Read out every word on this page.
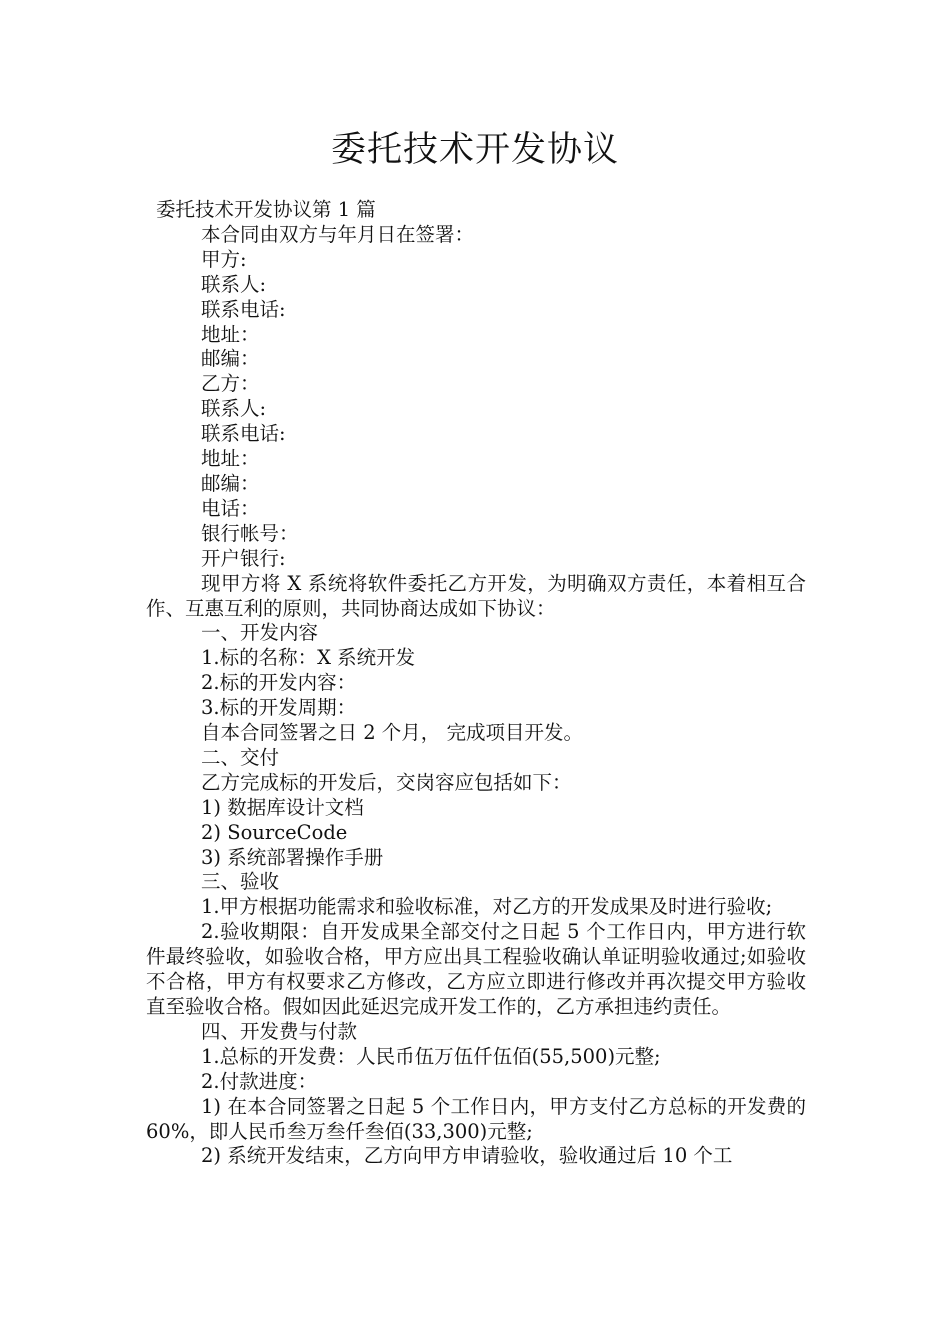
委托技术开发协议
委托技术开发协议第 1 篇
本合同由双方与年月日在签署：
甲方:
联系人:
联系电话:
地址：
邮编：
乙方：
联系人:
联系电话:
地址：
邮编：
电话：
银行帐号：
开户银行:
现甲方将 X 系统将软件委托乙方开发，为明确双方责任，本着相互合作、互惠互利的原则，共同协商达成如下协议：
一、开发内容
1.标的名称：X 系统开发
2.标的开发内容：
3.标的开发周期：
自本合同签署之日 2 个月， 完成项目开发。
二、交付
乙方完成标的开发后，交岗容应包括如下：
1) 数据库设计文档
2) SourceCode
3) 系统部署操作手册
三、验收
1.甲方根据功能需求和验收标准，对乙方的开发成果及时进行验收;
2.验收期限：自开发成果全部交付之日起 5 个工作日内，甲方进行软件最终验收，如验收合格，甲方应出具工程验收确认单证明验收通过;如验收不合格，甲方有权要求乙方修改，乙方应立即进行修改并再次提交甲方验收直至验收合格。假如因此延迟完成开发工作的，乙方承担违约责任。
四、开发费与付款
1.总标的开发费：人民币伍万伍仟伍佰(55,500)元整;
2.付款进度：
1) 在本合同签署之日起 5 个工作日内，甲方支付乙方总标的开发费的 60%，即人民币叁万叁仟叁佰(33,300)元整;
2) 系统开发结束，乙方向甲方申请验收，验收通过后 10 个工
